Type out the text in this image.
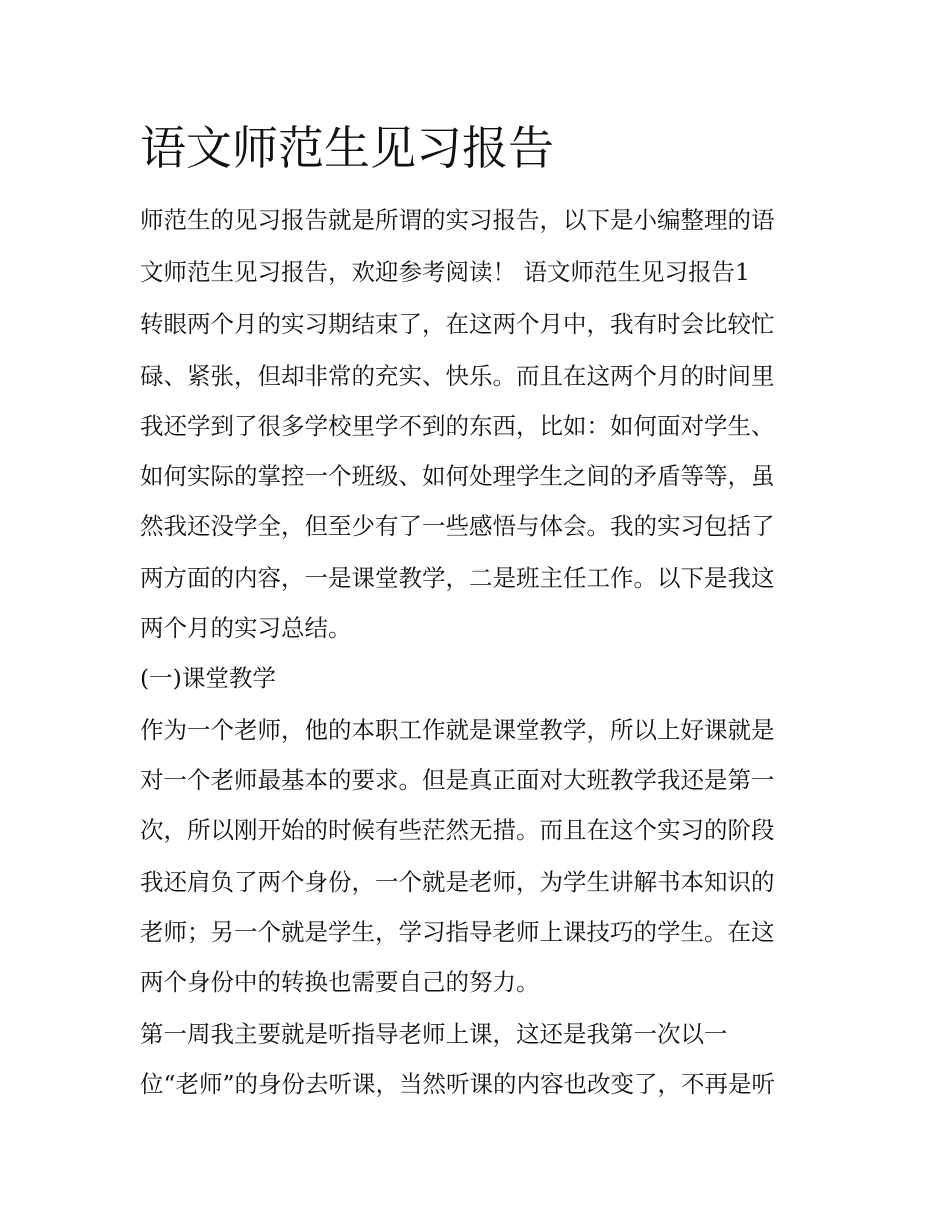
语文师范生见习报告

师范生的见习报告就是所谓的实习报告，以下是小编整理的语

文师范生见习报告，欢迎参考阅读！ 语文师范生见习报告1

转眼两个月的实习期结束了，在这两个月中，我有时会比较忙

碌、紧张，但却非常的充实、快乐。而且在这两个月的时间里

我还学到了很多学校里学不到的东西，比如：如何面对学生、

如何实际的掌控一个班级、如何处理学生之间的矛盾等等，虽

然我还没学全，但至少有了一些感悟与体会。我的实习包括了

两方面的内容，一是课堂教学，二是班主任工作。以下是我这

两个月的实习总结。

(一)课堂教学

作为一个老师，他的本职工作就是课堂教学，所以上好课就是

对一个老师最基本的要求。但是真正面对大班教学我还是第一

次，所以刚开始的时候有些茫然无措。而且在这个实习的阶段

我还肩负了两个身份，一个就是老师，为学生讲解书本知识的

老师；另一个就是学生，学习指导老师上课技巧的学生。在这

两个身份中的转换也需要自己的努力。

第一周我主要就是听指导老师上课，这还是我第一次以一

位“老师”的身份去听课，当然听课的内容也改变了，不再是听
